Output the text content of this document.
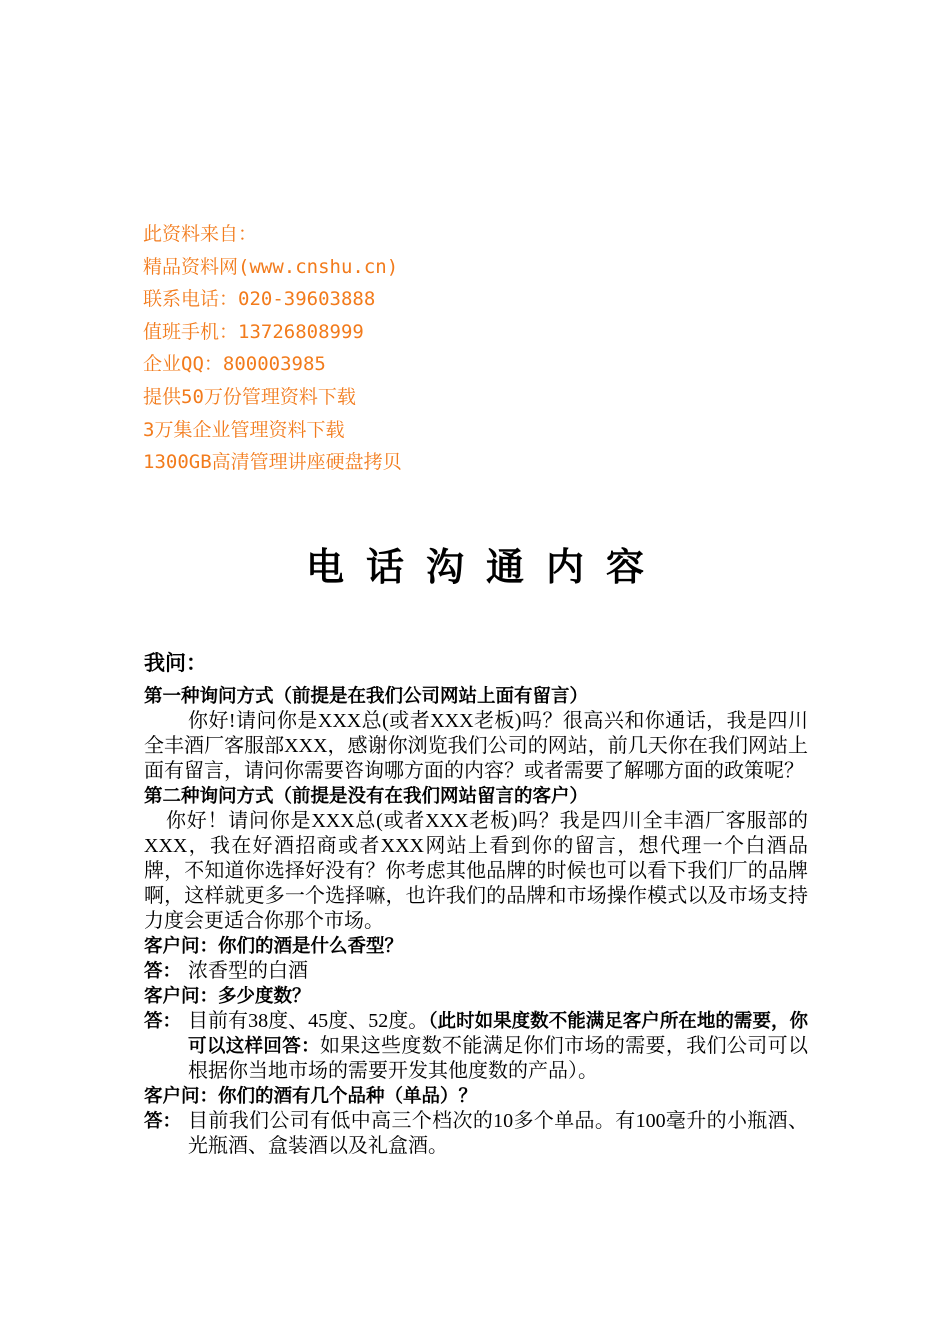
此资料来自：
精品资料网(www.cnshu.cn)
联系电话：020-39603888
值班手机：13726808999
企业QQ：800003985
提供50万份管理资料下载
3万集企业管理资料下载
1300GB高清管理讲座硬盘拷贝
电话沟通内容
我问：
第一种询问方式（前提是在我们公司网站上面有留言）
你好!请问你是XXX总(或者XXX老板)吗？很高兴和你通话，我是四川全丰酒厂客服部XXX，感谢你浏览我们公司的网站，前几天你在我们网站上面有留言，请问你需要咨询哪方面的内容？或者需要了解哪方面的政策呢？
第二种询问方式（前提是没有在我们网站留言的客户）
你好！请问你是XXX总(或者XXX老板)吗？我是四川全丰酒厂客服部的XXX，我在好酒招商或者XXX网站上看到你的留言，想代理一个白酒品牌，不知道你选择好没有？你考虑其他品牌的时候也可以看下我们厂的品牌啊，这样就更多一个选择嘛，也许我们的品牌和市场操作模式以及市场支持力度会更适合你那个市场。
客户问：你们的酒是什么香型？
答： 浓香型的白酒
客户问：多少度数？
答： 目前有38度、45度、52度。（此时如果度数不能满足客户所在地的需要，你可以这样回答：如果这些度数不能满足你们市场的需要，我们公司可以根据你当地市场的需要开发其他度数的产品）。
客户问：你们的酒有几个品种（单品）？
答： 目前我们公司有低中高三个档次的10多个单品。有100毫升的小瓶酒、光瓶酒、盒装酒以及礼盒酒。
